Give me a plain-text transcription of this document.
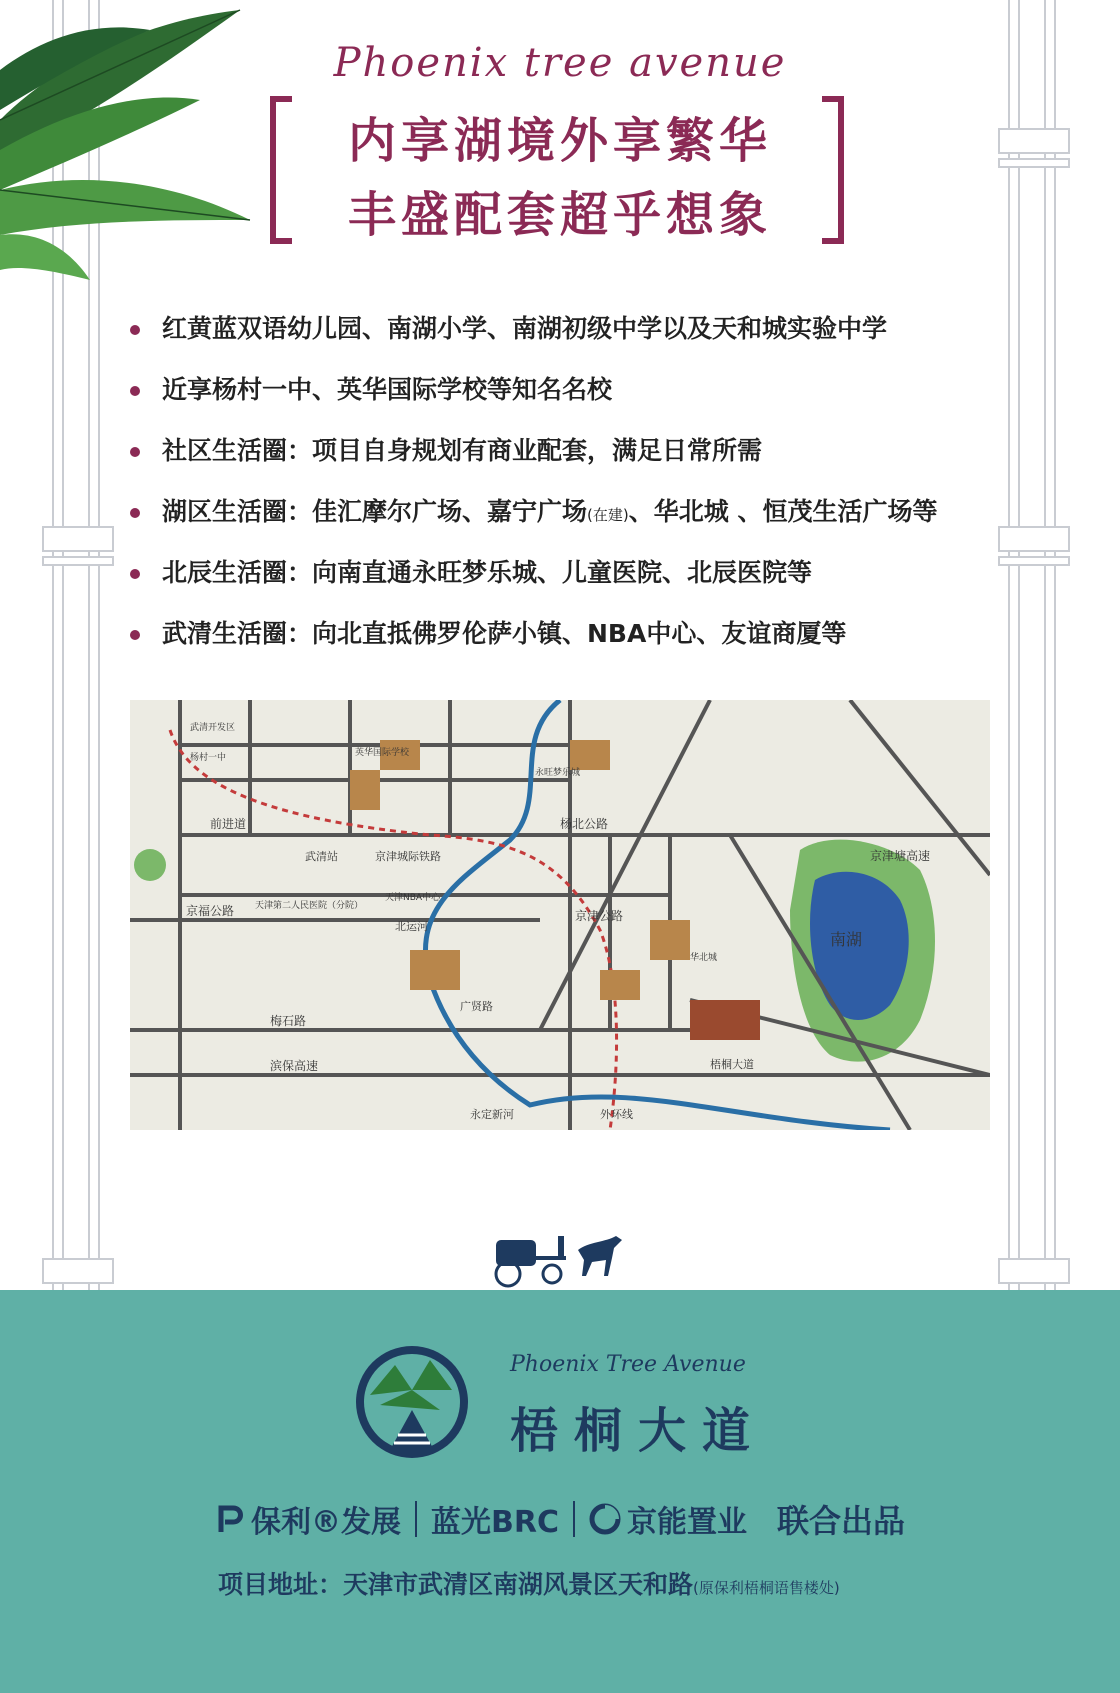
Phoenix tree avenue
内享湖境外享繁华
丰盛配套超乎想象
红黄蓝双语幼儿园、南湖小学、南湖初级中学以及天和城实验中学
近享杨村一中、英华国际学校等知名名校
社区生活圈：项目自身规划有商业配套，满足日常所需
湖区生活圈：佳汇摩尔广场、嘉宁广场(在建)、华北城 、恒茂生活广场等
北辰生活圈：向南直通永旺梦乐城、儿童医院、北辰医院等
武清生活圈：向北直抵佛罗伦萨小镇、NBA中心、友谊商厦等
前进道	杨北公路
京福公路
梅石路
滨保高速
京津公路
京津塘高速
外环线
广贤路
永定新河
北运河
京津城际铁路
武清站
南湖
梧桐大道
天津第二人民医院（分院）
天津NBA中心
武清开发区
杨村一中
永旺梦乐城
华北城
英华国际学校
Phoenix Tree Avenue
梧桐大道
保利®发展 蓝光BRC 京能置业 联合出品
项目地址：天津市武清区南湖风景区天和路(原保利梧桐语售楼处)
